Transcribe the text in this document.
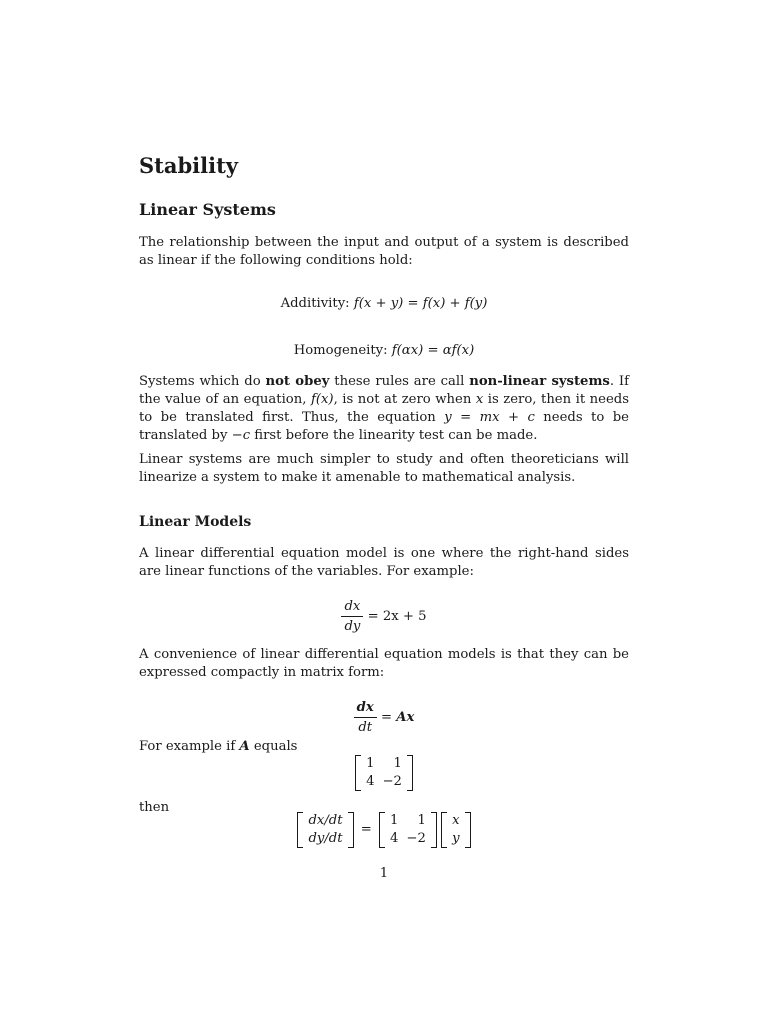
Stability
Linear Systems
The relationship between the input and output of a system is described as linear if the following conditions hold:
Additivity: f(x + y) = f(x) + f(y)
Homogeneity: f(αx) = αf(x)
Systems which do not obey these rules are call non-linear systems. If the value of an equation, f(x), is not at zero when x is zero, then it needs to be translated first. Thus, the equation y = mx + c needs to be translated by −c first before the linearity test can be made.
Linear systems are much simpler to study and often theoreticians will linearize a system to make it amenable to mathematical analysis.
Linear Models
A linear differential equation model is one where the right-hand sides are linear functions of the variables. For example:
$\frac{dx}{dy} = 2x + 5$
A convenience of linear differential equation models is that they can be expressed compactly in matrix form:
$\frac{dx}{dt} = Ax$
For example if A equals
1	1
4	−2
then
dx/dt
dy/dt
=
1	1
4	−2

x
y
1
